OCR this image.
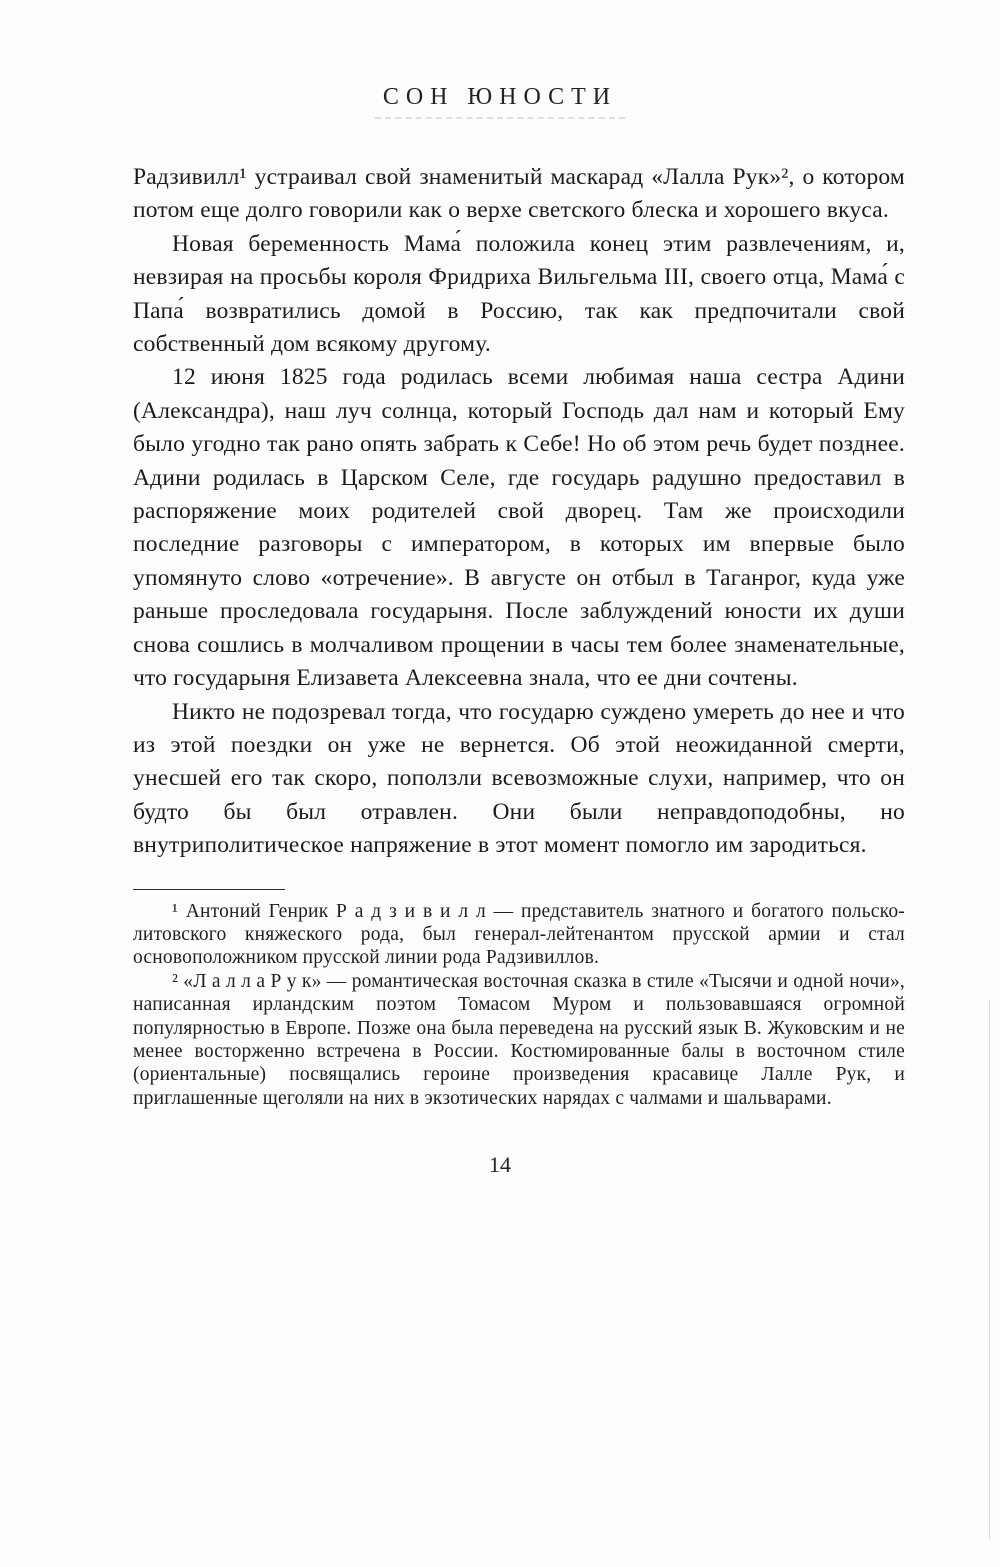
СОН ЮНОСТИ

Радзивилл¹ устраивал свой знаменитый маскарад «Лалла Рук»², о котором потом еще долго говорили как о верхе светского блеска и хорошего вкуса.

Новая беременность Мама́ положила конец этим развлечениям, и, невзирая на просьбы короля Фридриха Вильгельма III, своего отца, Мама́ с Папа́ возвратились домой в Россию, так как предпочитали свой собственный дом всякому другому.

12 июня 1825 года родилась всеми любимая наша сестра Адини (Александра), наш луч солнца, который Господь дал нам и который Ему было угодно так рано опять забрать к Себе! Но об этом речь будет позднее. Адини родилась в Царском Селе, где государь радушно предоставил в распоряжение моих родителей свой дворец. Там же происходили последние разговоры с императором, в которых им впервые было упомянуто слово «отречение». В августе он отбыл в Таганрог, куда уже раньше проследовала государыня. После заблуждений юности их души снова сошлись в молчаливом прощении в часы тем более знаменательные, что государыня Елизавета Алексеевна знала, что ее дни сочтены.

Никто не подозревал тогда, что государю суждено умереть до нее и что из этой поездки он уже не вернется. Об этой неожиданной смерти, унесшей его так скоро, поползли всевозможные слухи, например, что он будто бы был отравлен. Они были неправдоподобны, но внутриполитическое напряжение в этот момент помогло им зародиться.

¹ Антоний Генрик Р а д з и в и л л — представитель знатного и богатого польско-литовского княжеского рода, был генерал-лейтенантом прусской армии и стал основоположником прусской линии рода Радзивиллов.

² «Л а л л а Р у к» — романтическая восточная сказка в стиле «Тысячи и одной ночи», написанная ирландским поэтом Томасом Муром и пользовавшаяся огромной популярностью в Европе. Позже она была переведена на русский язык В. Жуковским и не менее восторженно встречена в России. Костюмированные балы в восточном стиле (ориентальные) посвящались героине произведения красавице Лалле Рук, и приглашенные щеголяли на них в экзотических нарядах с чалмами и шальварами.

14
